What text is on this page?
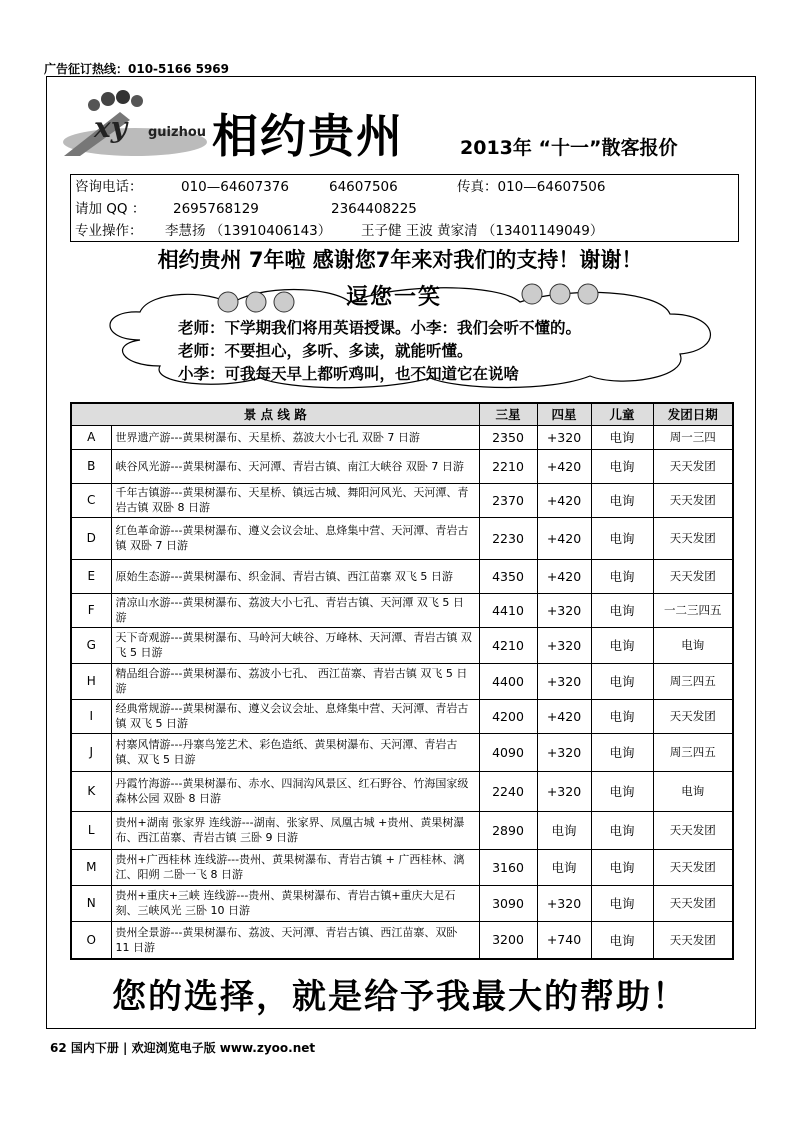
广告征订热线：010-5166 5969
xy guizhou 相约贵州	2013年 “十一”散客报价
咨询电话：	010—64607376	64607506	传真：010—64607506
请加 QQ ： 2695768129	2364408225
专业操作： 李慧扬 （13910406143） 王子健 王波 黄家清 （13401149049）
相约贵州 7年啦 感谢您7年来对我们的支持！谢谢！
逗您一笑
老师：下学期我们将用英语授课。小李：我们会听不懂的。
老师：不要担心，多听、多读，就能听懂。
小李：可我每天早上都听鸡叫，也不知道它在说啥
景 点 线 路		三星	四星	儿童	发团日期
A	世界遗产游---黄果树瀑布、天星桥、荔波大小七孔 双卧 7 日游	2350	+320	电询	周一三四
B	峡谷风光游---黄果树瀑布、天河潭、青岩古镇、南江大峡谷 双卧 7 日游	2210	+420	电询	天天发团
C	千年古镇游---黄果树瀑布、天星桥、镇远古城、舞阳河风光、天河潭、青岩古镇 双卧 8 日游	2370	+420	电询	天天发团
D	红色革命游---黄果树瀑布、遵义会议会址、息烽集中营、天河潭、青岩古镇 双卧 7 日游	2230	+420	电询	天天发团
E	原始生态游---黄果树瀑布、织金洞、青岩古镇、西江苗寨 双飞 5 日游	4350	+420	电询	天天发团
F	清凉山水游---黄果树瀑布、荔波大小七孔、青岩古镇、天河潭 双飞 5 日游	4410	+320	电询	一二三四五
G	天下奇观游---黄果树瀑布、马岭河大峡谷、万峰林、天河潭、青岩古镇 双飞 5 日游	4210	+320	电询	电询
H	精品组合游---黄果树瀑布、荔波小七孔、 西江苗寨、青岩古镇 双飞 5 日游	4400	+320	电询	周三四五
I	经典常规游---黄果树瀑布、遵义会议会址、息烽集中营、天河潭、青岩古镇 双飞 5 日游	4200	+420	电询	天天发团
J	村寨风情游---丹寨鸟笼艺术、彩色造纸、黄果树瀑布、天河潭、青岩古镇、双飞 5 日游	4090	+320	电询	周三四五
K	丹霞竹海游---黄果树瀑布、赤水、四洞沟风景区、红石野谷、竹海国家级森林公园 双卧 8 日游	2240	+320	电询	电询
L	贵州+湖南 张家界 连线游---湖南、张家界、凤凰古城 +贵州、黄果树瀑布、西江苗寨、青岩古镇 三卧 9 日游	2890	电询	电询	天天发团
M	贵州+广西桂林 连线游---贵州、黄果树瀑布、青岩古镇 + 广西桂林、漓江、阳朔 二卧一飞 8 日游	3160	电询	电询	天天发团
N	贵州+重庆+三峡 连线游---贵州、黄果树瀑布、青岩古镇+重庆大足石刻、三峡风光 三卧 10 日游	3090	+320	电询	天天发团
O	贵州全景游---黄果树瀑布、荔波、天河潭、青岩古镇、西江苗寨、双卧 11 日游	3200	+740	电询	天天发团
您的选择，就是给予我最大的帮助！
62 国内下册 | 欢迎浏览电子版 www.zyoo.net
